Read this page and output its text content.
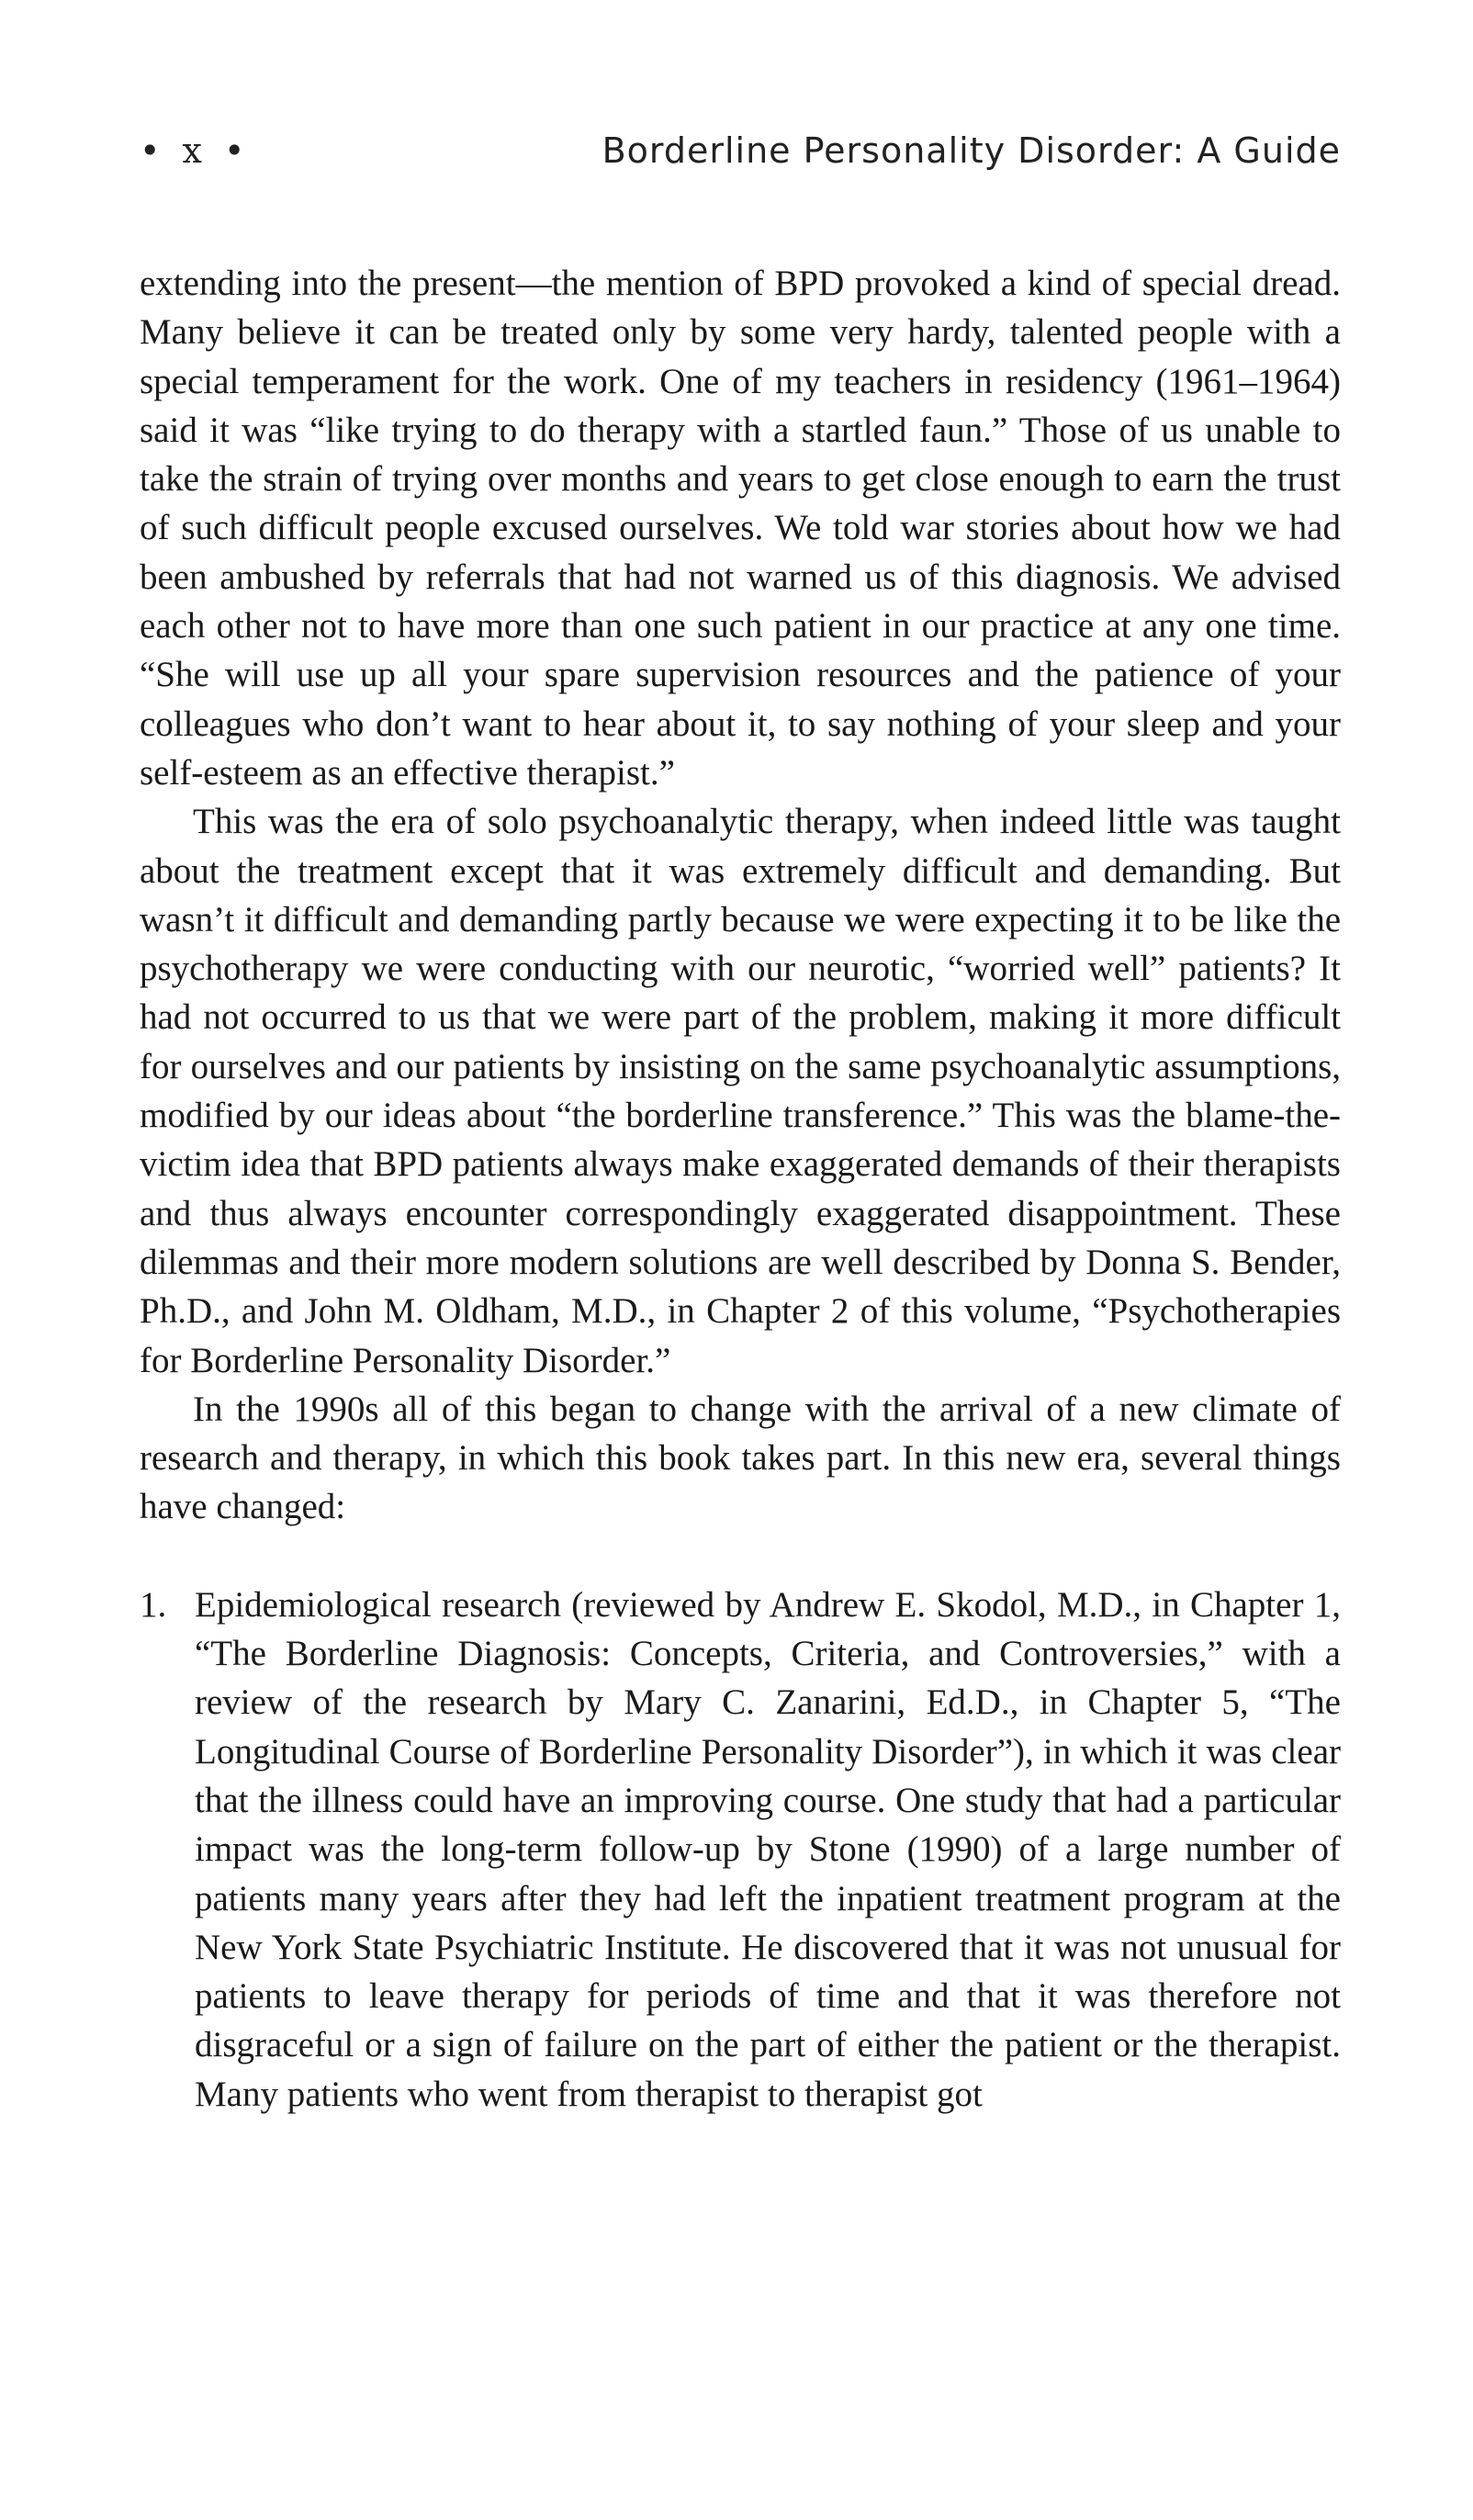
• x •	Borderline Personality Disorder: A Guide

extending into the present—the mention of BPD provoked a kind of special dread. Many believe it can be treated only by some very hardy, talented people with a special temperament for the work. One of my teachers in residency (1961–1964) said it was “like trying to do therapy with a startled faun.” Those of us unable to take the strain of trying over months and years to get close enough to earn the trust of such difficult people excused ourselves. We told war stories about how we had been ambushed by referrals that had not warned us of this diagnosis. We advised each other not to have more than one such patient in our practice at any one time. “She will use up all your spare supervision resources and the patience of your colleagues who don’t want to hear about it, to say nothing of your sleep and your self-esteem as an effective therapist.”

This was the era of solo psychoanalytic therapy, when indeed little was taught about the treatment except that it was extremely difficult and demanding. But wasn’t it difficult and demanding partly because we were expecting it to be like the psychotherapy we were conducting with our neurotic, “worried well” patients? It had not occurred to us that we were part of the problem, making it more difficult for ourselves and our patients by insisting on the same psychoanalytic assumptions, modified by our ideas about “the borderline transference.” This was the blame-the-victim idea that BPD patients always make exaggerated demands of their therapists and thus always encounter correspondingly exaggerated disappointment. These dilemmas and their more modern solutions are well described by Donna S. Bender, Ph.D., and John M. Oldham, M.D., in Chapter 2 of this volume, “Psychotherapies for Borderline Personality Disorder.”

In the 1990s all of this began to change with the arrival of a new climate of research and therapy, in which this book takes part. In this new era, several things have changed:

1. Epidemiological research (reviewed by Andrew E. Skodol, M.D., in Chapter 1, “The Borderline Diagnosis: Concepts, Criteria, and Controversies,” with a review of the research by Mary C. Zanarini, Ed.D., in Chapter 5, “The Longitudinal Course of Borderline Personality Disorder”), in which it was clear that the illness could have an improving course. One study that had a particular impact was the long-term follow-up by Stone (1990) of a large number of patients many years after they had left the inpatient treatment program at the New York State Psychiatric Institute. He discovered that it was not unusual for patients to leave therapy for periods of time and that it was therefore not disgraceful or a sign of failure on the part of either the patient or the therapist. Many patients who went from therapist to therapist got
